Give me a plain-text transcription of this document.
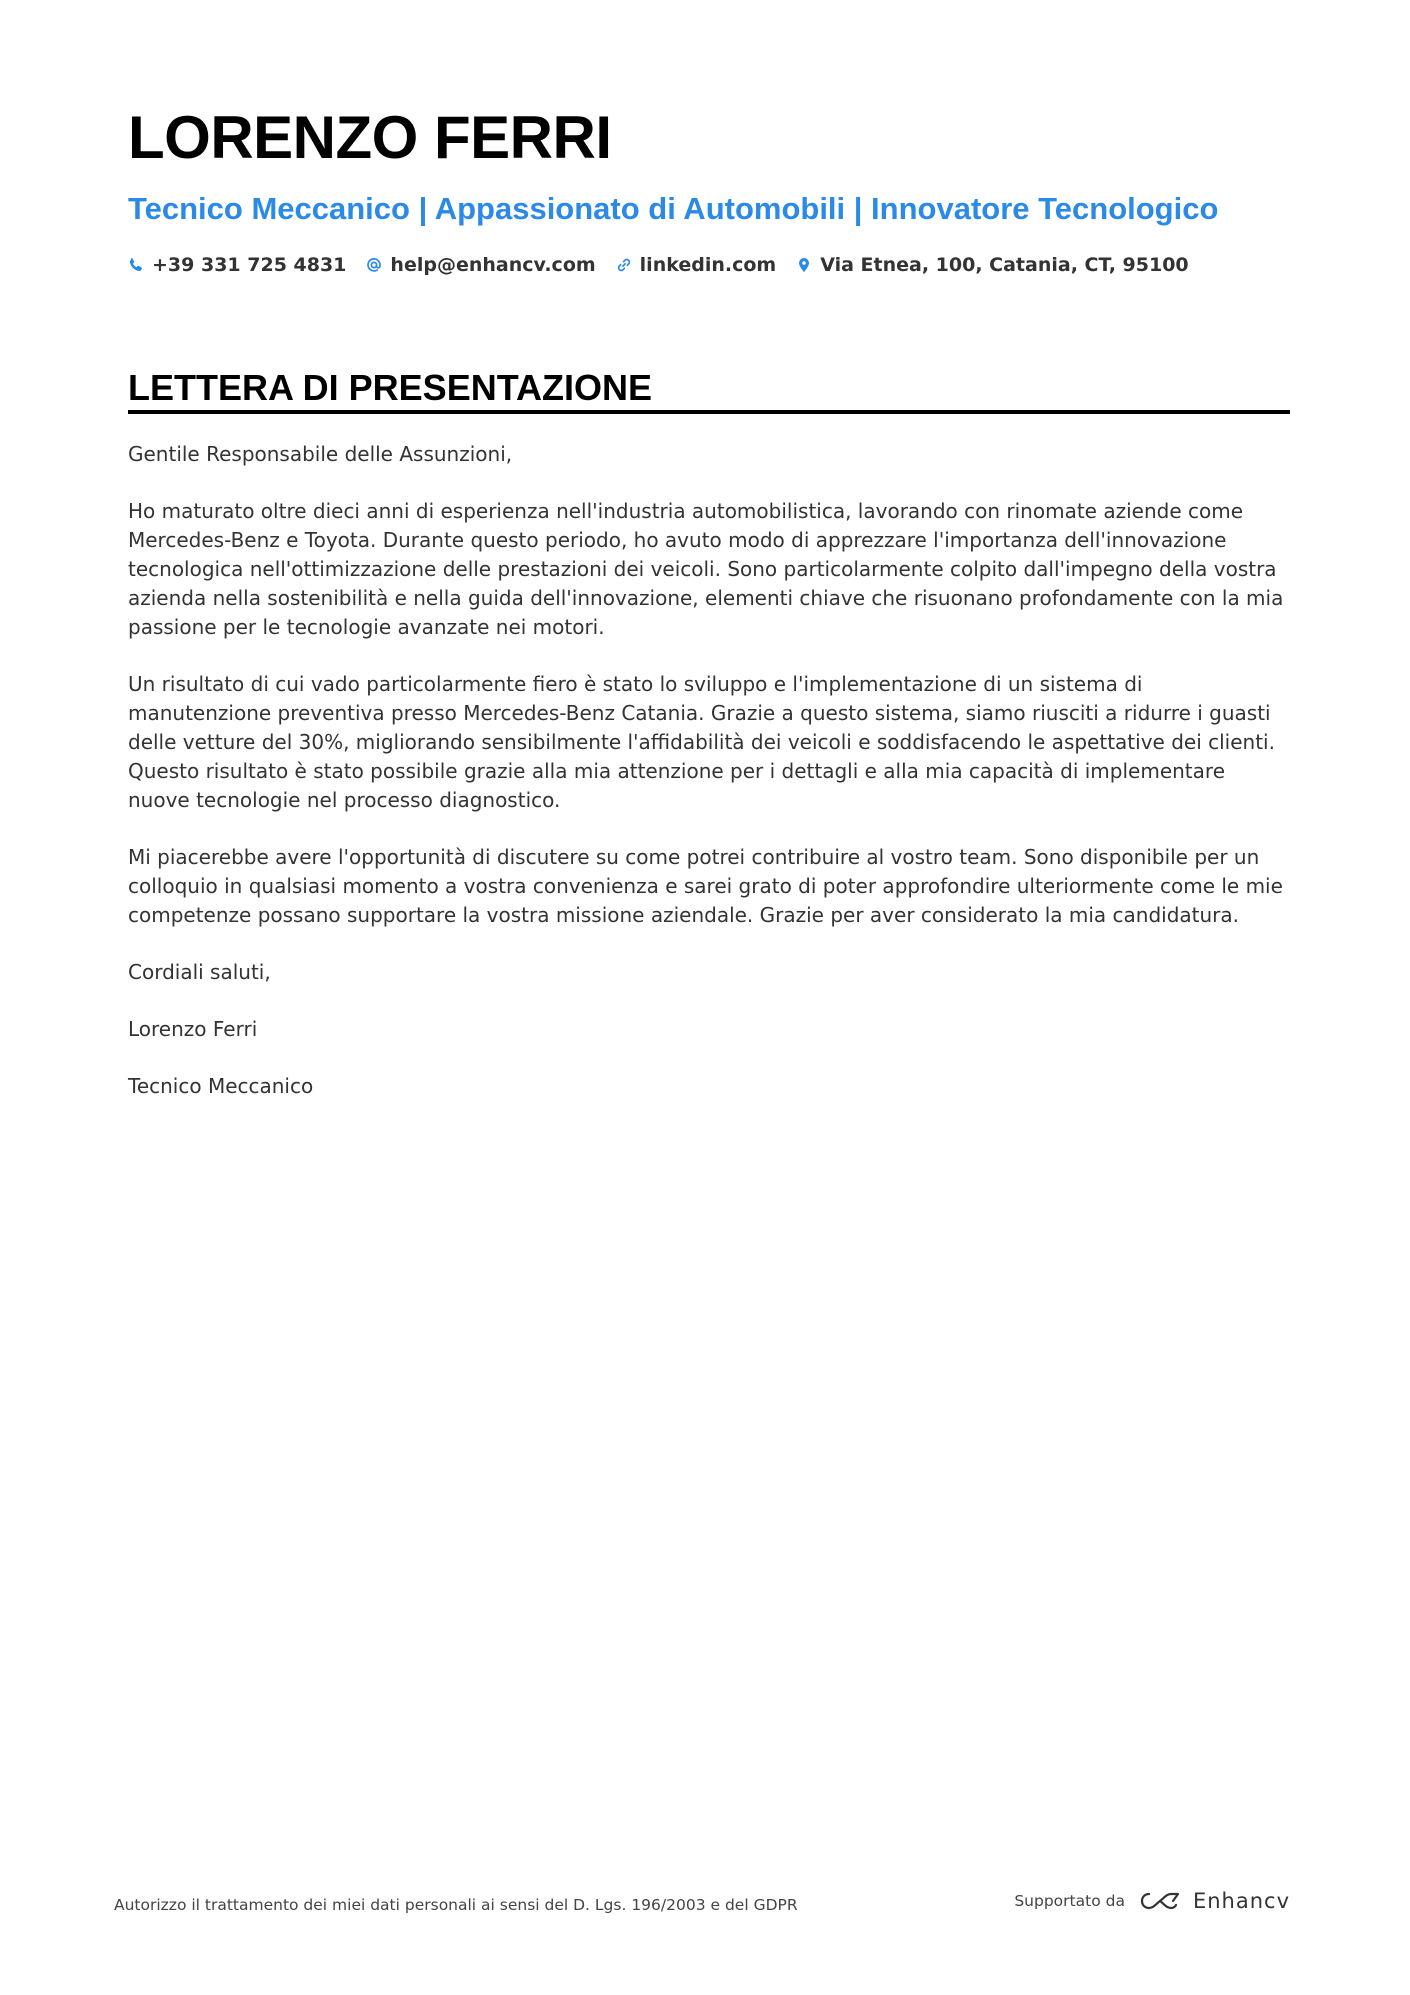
LORENZO FERRI
Tecnico Meccanico | Appassionato di Automobili | Innovatore Tecnologico
+39 331 725 4831 help@enhancv.com linkedin.com Via Etnea, 100, Catania, CT, 95100
LETTERA DI PRESENTAZIONE

Gentile Responsabile delle Assunzioni,

Ho maturato oltre dieci anni di esperienza nell'industria automobilistica, lavorando con rinomate aziende come Mercedes-Benz e Toyota. Durante questo periodo, ho avuto modo di apprezzare l'importanza dell'innovazione tecnologica nell'ottimizzazione delle prestazioni dei veicoli. Sono particolarmente colpito dall'impegno della vostra azienda nella sostenibilità e nella guida dell'innovazione, elementi chiave che risuonano profondamente con la mia passione per le tecnologie avanzate nei motori.

Un risultato di cui vado particolarmente fiero è stato lo sviluppo e l'implementazione di un sistema di manutenzione preventiva presso Mercedes-Benz Catania. Grazie a questo sistema, siamo riusciti a ridurre i guasti delle vetture del 30%, migliorando sensibilmente l'affidabilità dei veicoli e soddisfacendo le aspettative dei clienti. Questo risultato è stato possibile grazie alla mia attenzione per i dettagli e alla mia capacità di implementare nuove tecnologie nel processo diagnostico.

Mi piacerebbe avere l'opportunità di discutere su come potrei contribuire al vostro team. Sono disponibile per un colloquio in qualsiasi momento a vostra convenienza e sarei grato di poter approfondire ulteriormente come le mie competenze possano supportare la vostra missione aziendale. Grazie per aver considerato la mia candidatura.

Cordiali saluti,

Lorenzo Ferri

Tecnico Meccanico

Autorizzo il trattamento dei miei dati personali ai sensi del D. Lgs. 196/2003 e del GDPR	Supportato da	Enhancv
